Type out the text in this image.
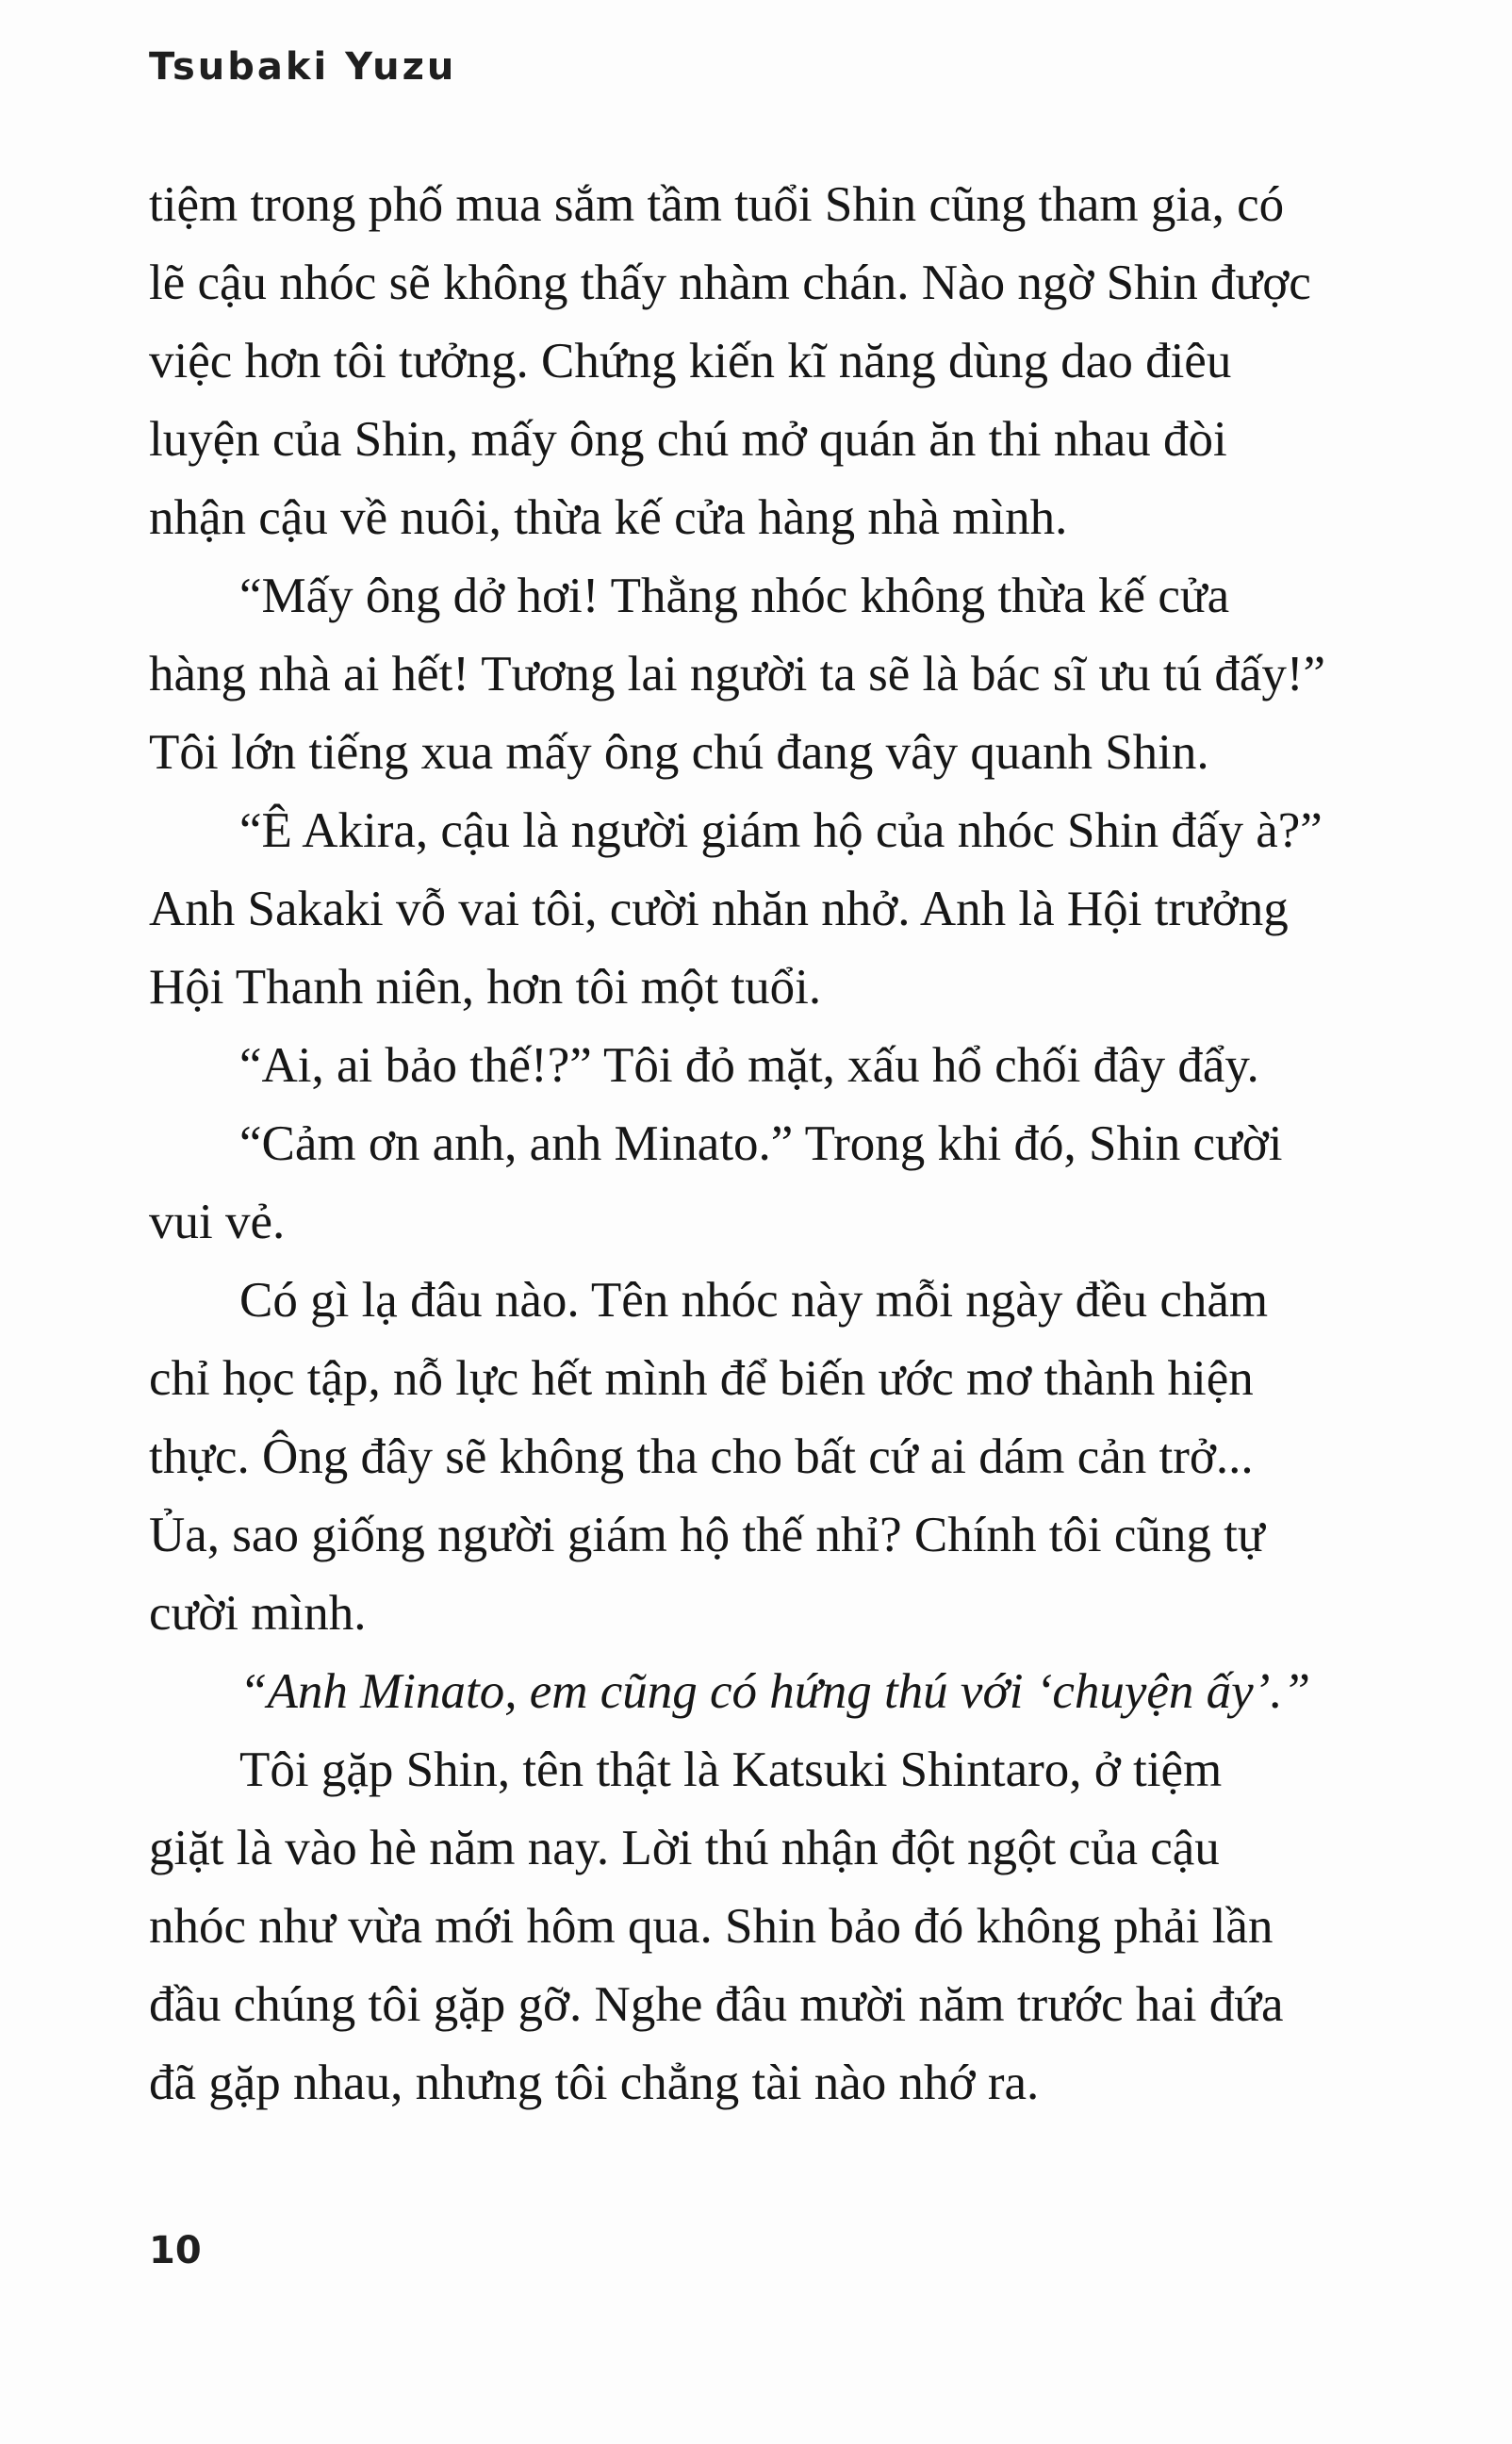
Tsubaki Yuzu
tiệm trong phố mua sắm tầm tuổi Shin cũng tham gia, có
lẽ cậu nhóc sẽ không thấy nhàm chán. Nào ngờ Shin được
việc hơn tôi tưởng. Chứng kiến kĩ năng dùng dao điêu
luyện của Shin, mấy ông chú mở quán ăn thi nhau đòi
nhận cậu về nuôi, thừa kế cửa hàng nhà mình.
“Mấy ông dở hơi! Thằng nhóc không thừa kế cửa
hàng nhà ai hết! Tương lai người ta sẽ là bác sĩ ưu tú đấy!”
Tôi lớn tiếng xua mấy ông chú đang vây quanh Shin.
“Ê Akira, cậu là người giám hộ của nhóc Shin đấy à?”
Anh Sakaki vỗ vai tôi, cười nhăn nhở. Anh là Hội trưởng
Hội Thanh niên, hơn tôi một tuổi.
“Ai, ai bảo thế!?” Tôi đỏ mặt, xấu hổ chối đây đẩy.
“Cảm ơn anh, anh Minato.” Trong khi đó, Shin cười
vui vẻ.
Có gì lạ đâu nào. Tên nhóc này mỗi ngày đều chăm
chỉ học tập, nỗ lực hết mình để biến ước mơ thành hiện
thực. Ông đây sẽ không tha cho bất cứ ai dám cản trở...
Ủa, sao giống người giám hộ thế nhỉ? Chính tôi cũng tự
cười mình.
“Anh Minato, em cũng có hứng thú với ‘chuyện ấy’.”
Tôi gặp Shin, tên thật là Katsuki Shintaro, ở tiệm
giặt là vào hè năm nay. Lời thú nhận đột ngột của cậu
nhóc như vừa mới hôm qua. Shin bảo đó không phải lần
đầu chúng tôi gặp gỡ. Nghe đâu mười năm trước hai đứa
đã gặp nhau, nhưng tôi chẳng tài nào nhớ ra.
10
